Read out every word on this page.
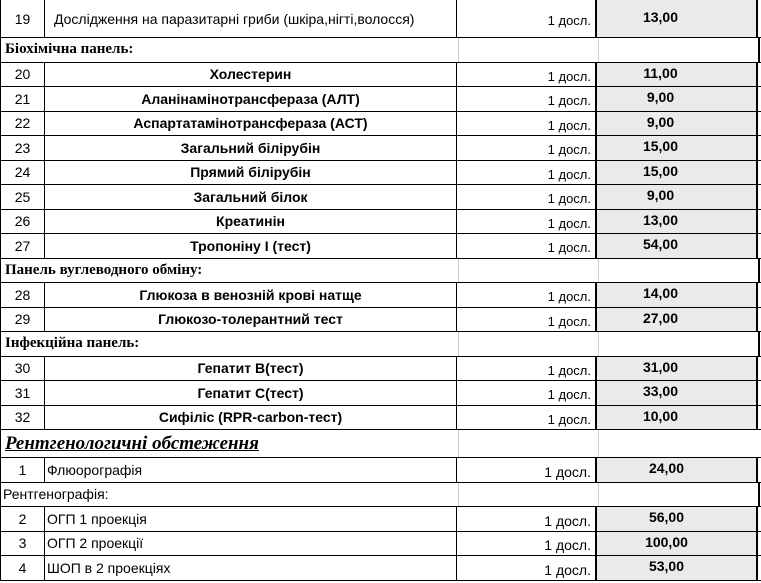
19	Дослідження на паразитарні гриби (шкіра,нігті,волосся)	1 досл.	13,00
Біохімічна панель:
20	Холестерин	1 досл.	11,00
21	Аланінамінотрансфераза (АЛТ)	1 досл.	9,00
22	Аспартатамінотрансфераза (АСТ)	1 досл.	9,00
23	Загальний білірубін	1 досл.	15,00
24	Прямий білірубін	1 досл.	15,00
25	Загальний білок	1 досл.	9,00
26	Креатинін	1 досл.	13,00
27	Тропоніну І (тест)	1 досл.	54,00
Панель вуглеводного обміну:
28	Глюкоза в венозній крові натще	1 досл.	14,00
29	Глюкозо-толерантний тест	1 досл.	27,00
Інфекційна панель:
30	Гепатит В(тест)	1 досл.	31,00
31	Гепатит С(тест)	1 досл.	33,00
32	Сифіліс (RPR-carbon-тест)	1 досл.	10,00
Рентгенологичні обстеження
1	Флюорографія	1 досл.	24,00
Рентгенографія:
2	ОГП 1 проекція	1 досл.	56,00
3	ОГП 2 проекції	1 досл.	100,00
4	ШОП в 2 проекціях	1 досл.	53,00
